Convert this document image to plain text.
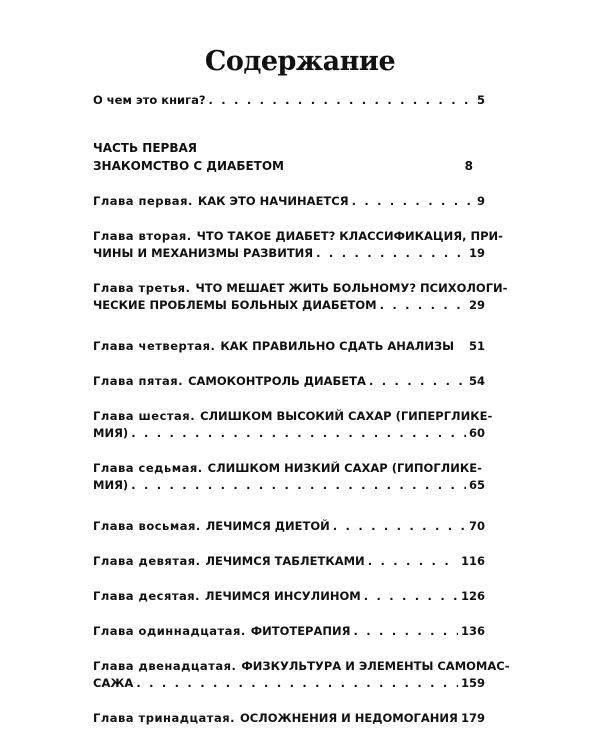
Содержание
О чем это книга? . . .	5
ЧАСТЬ ПЕРВАЯ
ЗНАКОМСТВО С ДИАБЕТОМ	8
Глава первая. КАК ЭТО НАЧИНАЕТСЯ . . .	9
Глава вторая. ЧТО ТАКОЕ ДИАБЕТ? КЛАССИФИКАЦИЯ, ПРИ-
ЧИНЫ И МЕХАНИЗМЫ РАЗВИТИЯ . . .	19
Глава третья. ЧТО МЕШАЕТ ЖИТЬ БОЛЬНОМУ? ПСИХОЛОГИ-
ЧЕСКИЕ ПРОБЛЕМЫ БОЛЬНЫХ ДИАБЕТОМ . . .	29
Глава четвертая. КАК ПРАВИЛЬНО СДАТЬ АНАЛИЗЫ 51
Глава пятая. САМОКОНТРОЛЬ ДИАБЕТА . . .	54
Глава шестая. СЛИШКОМ ВЫСОКИЙ САХАР (ГИПЕРГЛИКЕ-
МИЯ) . . .	60
Глава седьмая. СЛИШКОМ НИЗКИЙ САХАР (ГИПОГЛИКЕ-
МИЯ) . . .	65
Глава восьмая. ЛЕЧИМСЯ ДИЕТОЙ . . .	70
Глава девятая. ЛЕЧИМСЯ ТАБЛЕТКАМИ . . .	116
Глава десятая. ЛЕЧИМСЯ ИНСУЛИНОМ . . .	126
Глава одиннадцатая. ФИТОТЕРАПИЯ . . .	136
Глава двенадцатая. ФИЗКУЛЬТУРА И ЭЛЕМЕНТЫ САМОМАС-
САЖА . . .	159
Глава тринадцатая. ОСЛОЖНЕНИЯ И НЕДОМОГАНИЯ 179
